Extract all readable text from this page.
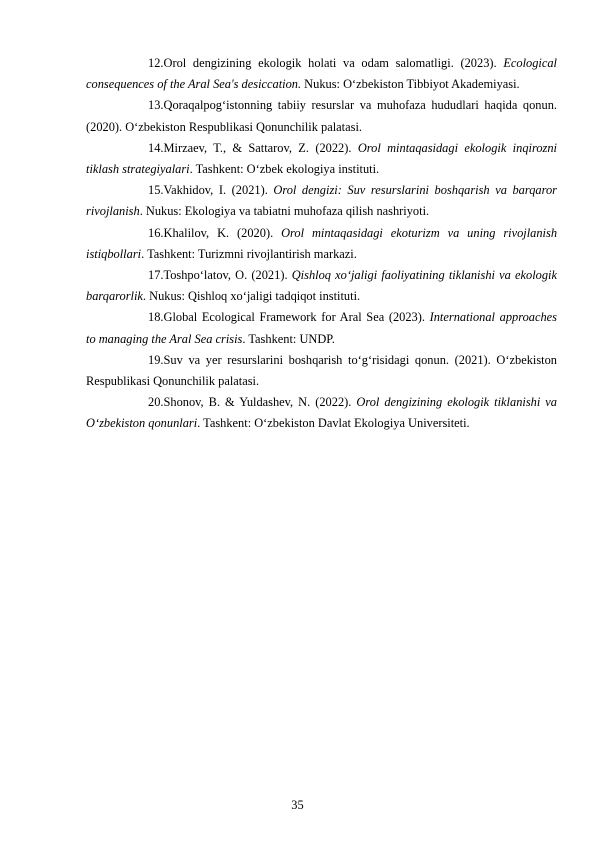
12.Orol dengizining ekologik holati va odam salomatligi. (2023). Ecological consequences of the Aral Sea's desiccation. Nukus: O‘zbekiston Tibbiyot Akademiyasi.

13.Qoraqalpog‘istonning tabiiy resurslar va muhofaza hududlari haqida qonun. (2020). O‘zbekiston Respublikasi Qonunchilik palatasi.

14.Mirzaev, T., & Sattarov, Z. (2022). Orol mintaqasidagi ekologik inqirozni tiklash strategiyalari. Tashkent: O‘zbek ekologiya instituti.

15.Vakhidov, I. (2021). Orol dengizi: Suv resurslarini boshqarish va barqaror rivojlanish. Nukus: Ekologiya va tabiatni muhofaza qilish nashriyoti.

16.Khalilov, K. (2020). Orol mintaqasidagi ekoturizm va uning rivojlanish istiqbollari. Tashkent: Turizmni rivojlantirish markazi.

17.Toshpo‘latov, O. (2021). Qishloq xo‘jaligi faoliyatining tiklanishi va ekologik barqarorlik. Nukus: Qishloq xo‘jaligi tadqiqot instituti.

18.Global Ecological Framework for Aral Sea (2023). International approaches to managing the Aral Sea crisis. Tashkent: UNDP.

19.Suv va yer resurslarini boshqarish to‘g‘risidagi qonun. (2021). O‘zbekiston Respublikasi Qonunchilik palatasi.

20.Shonov, B. & Yuldashev, N. (2022). Orol dengizining ekologik tiklanishi va O‘zbekiston qonunlari. Tashkent: O‘zbekiston Davlat Ekologiya Universiteti.

35
